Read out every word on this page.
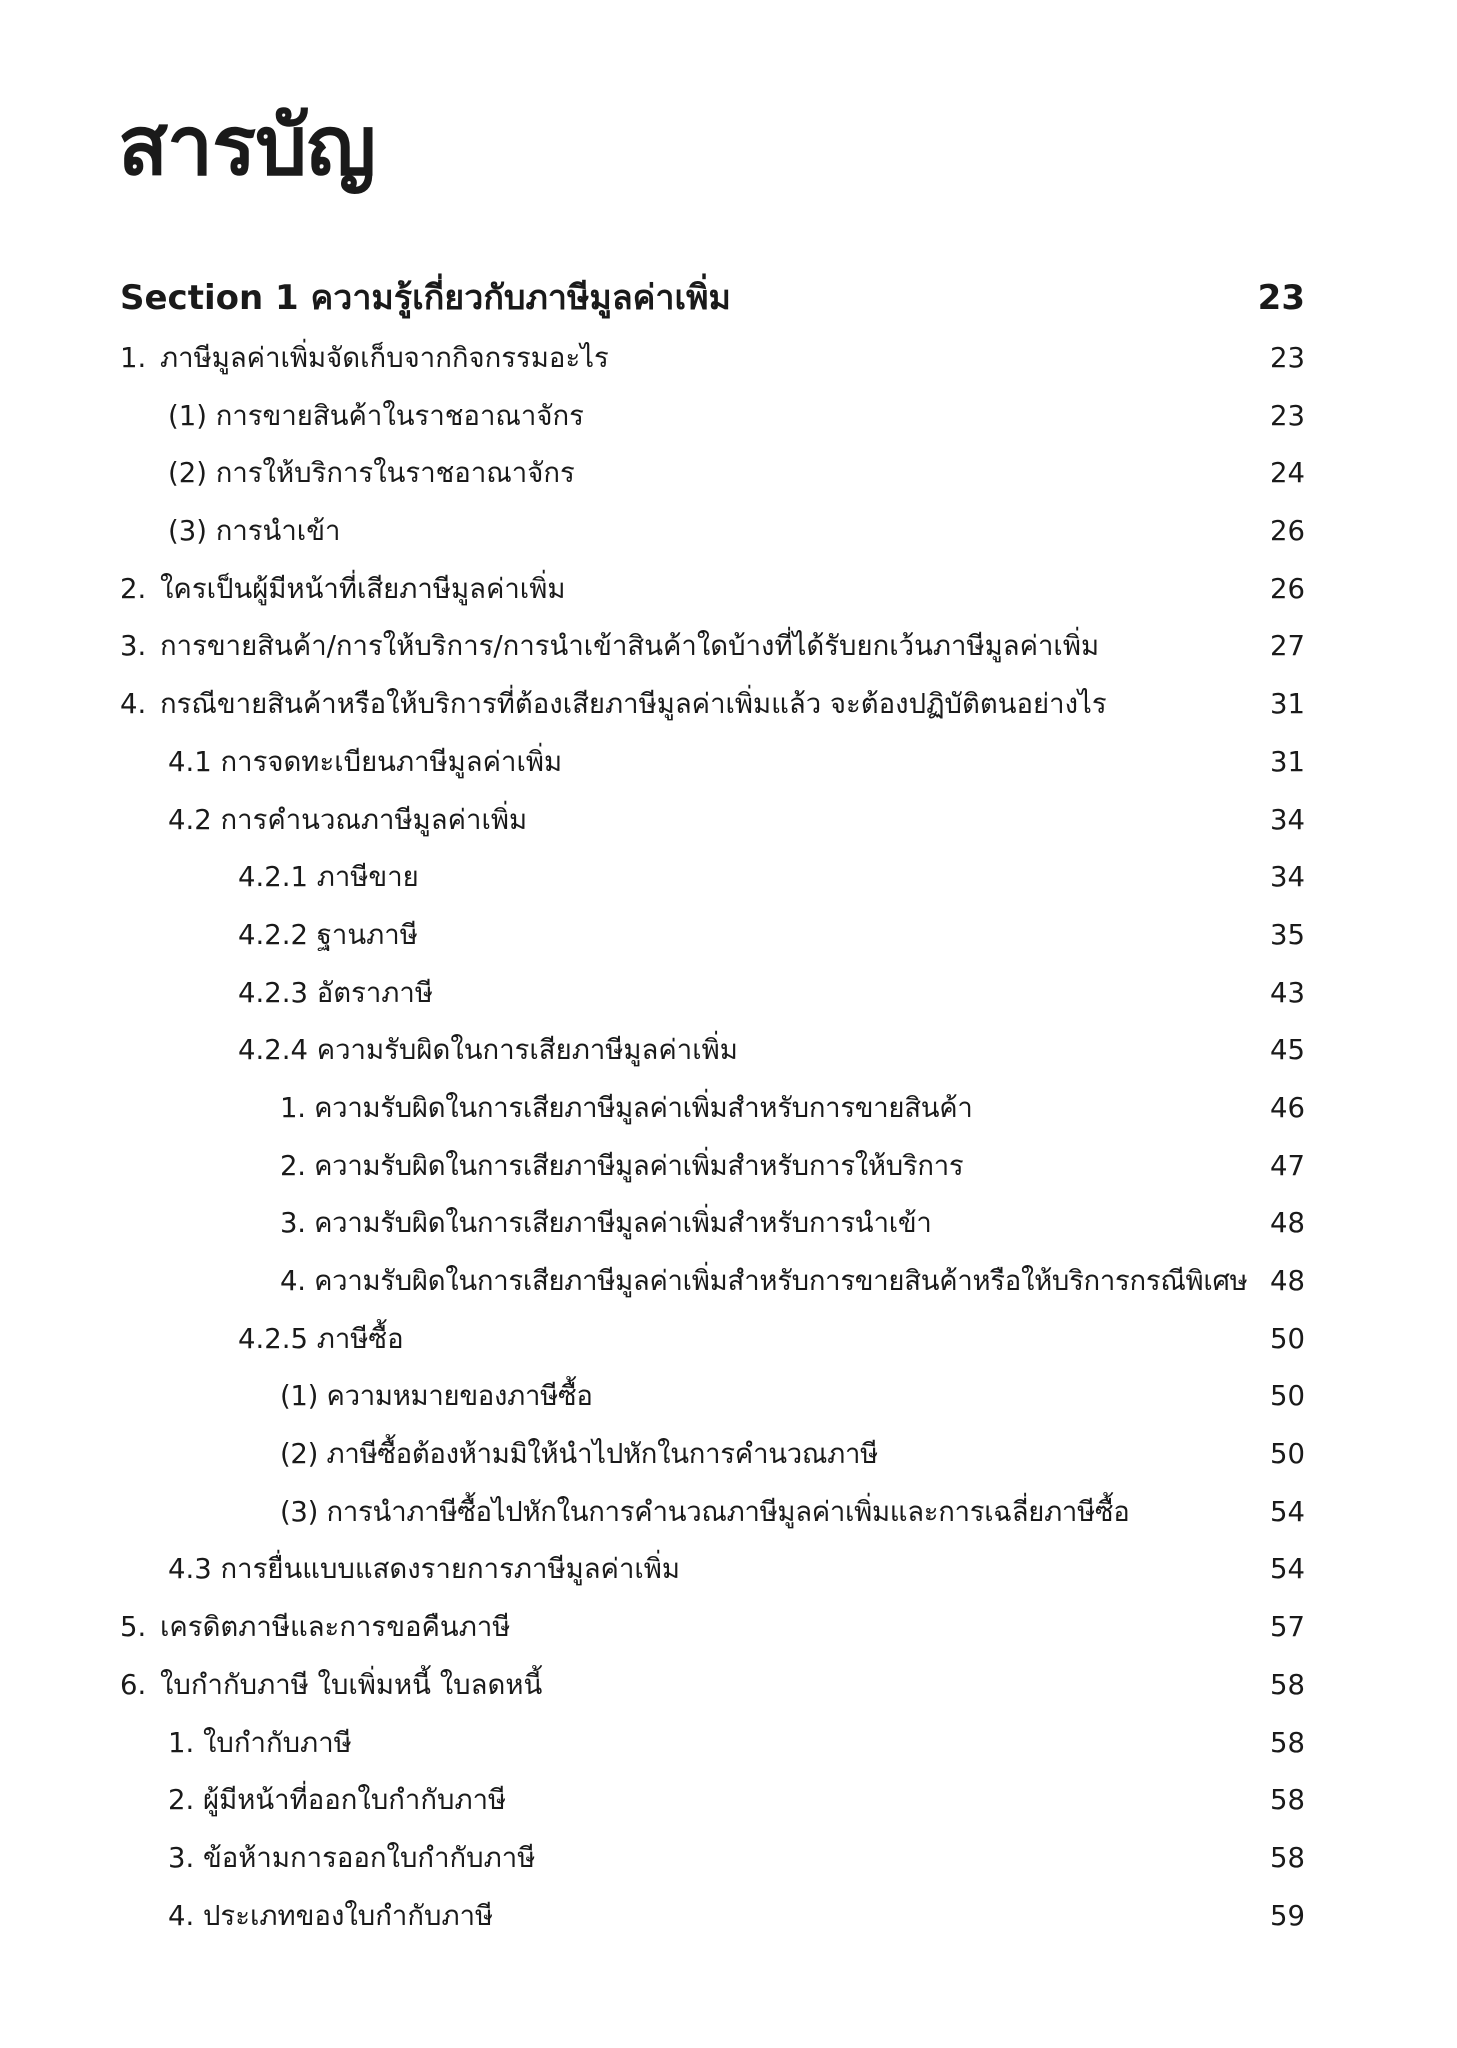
สารบัญ
Section 1 ความรู้เกี่ยวกับภาษีมูลค่าเพิ่ม	23
1. ภาษีมูลค่าเพิ่มจัดเก็บจากกิจกรรมอะไร	23
(1) การขายสินค้าในราชอาณาจักร	23
(2) การให้บริการในราชอาณาจักร	24
(3) การนำเข้า	26
2. ใครเป็นผู้มีหน้าที่เสียภาษีมูลค่าเพิ่ม	26
3. การขายสินค้า/การให้บริการ/การนำเข้าสินค้าใดบ้างที่ได้รับยกเว้นภาษีมูลค่าเพิ่ม	27
4. กรณีขายสินค้าหรือให้บริการที่ต้องเสียภาษีมูลค่าเพิ่มแล้ว จะต้องปฏิบัติตนอย่างไร	31
4.1 การจดทะเบียนภาษีมูลค่าเพิ่ม	31
4.2 การคำนวณภาษีมูลค่าเพิ่ม	34
4.2.1 ภาษีขาย	34
4.2.2 ฐานภาษี	35
4.2.3 อัตราภาษี	43
4.2.4 ความรับผิดในการเสียภาษีมูลค่าเพิ่ม	45
1. ความรับผิดในการเสียภาษีมูลค่าเพิ่มสำหรับการขายสินค้า	46
2. ความรับผิดในการเสียภาษีมูลค่าเพิ่มสำหรับการให้บริการ	47
3. ความรับผิดในการเสียภาษีมูลค่าเพิ่มสำหรับการนำเข้า	48
4. ความรับผิดในการเสียภาษีมูลค่าเพิ่มสำหรับการขายสินค้าหรือให้บริการกรณีพิเศษ 48
4.2.5 ภาษีซื้อ	50
(1) ความหมายของภาษีซื้อ	50
(2) ภาษีซื้อต้องห้ามมิให้นำไปหักในการคำนวณภาษี	50
(3) การนำภาษีซื้อไปหักในการคำนวณภาษีมูลค่าเพิ่มและการเฉลี่ยภาษีซื้อ	54
4.3 การยื่นแบบแสดงรายการภาษีมูลค่าเพิ่ม	54
5. เครดิตภาษีและการขอคืนภาษี	57
6. ใบกำกับภาษี ใบเพิ่มหนี้ ใบลดหนี้	58
1. ใบกำกับภาษี	58
2. ผู้มีหน้าที่ออกใบกำกับภาษี	58
3. ข้อห้ามการออกใบกำกับภาษี	58
4. ประเภทของใบกำกับภาษี	59
